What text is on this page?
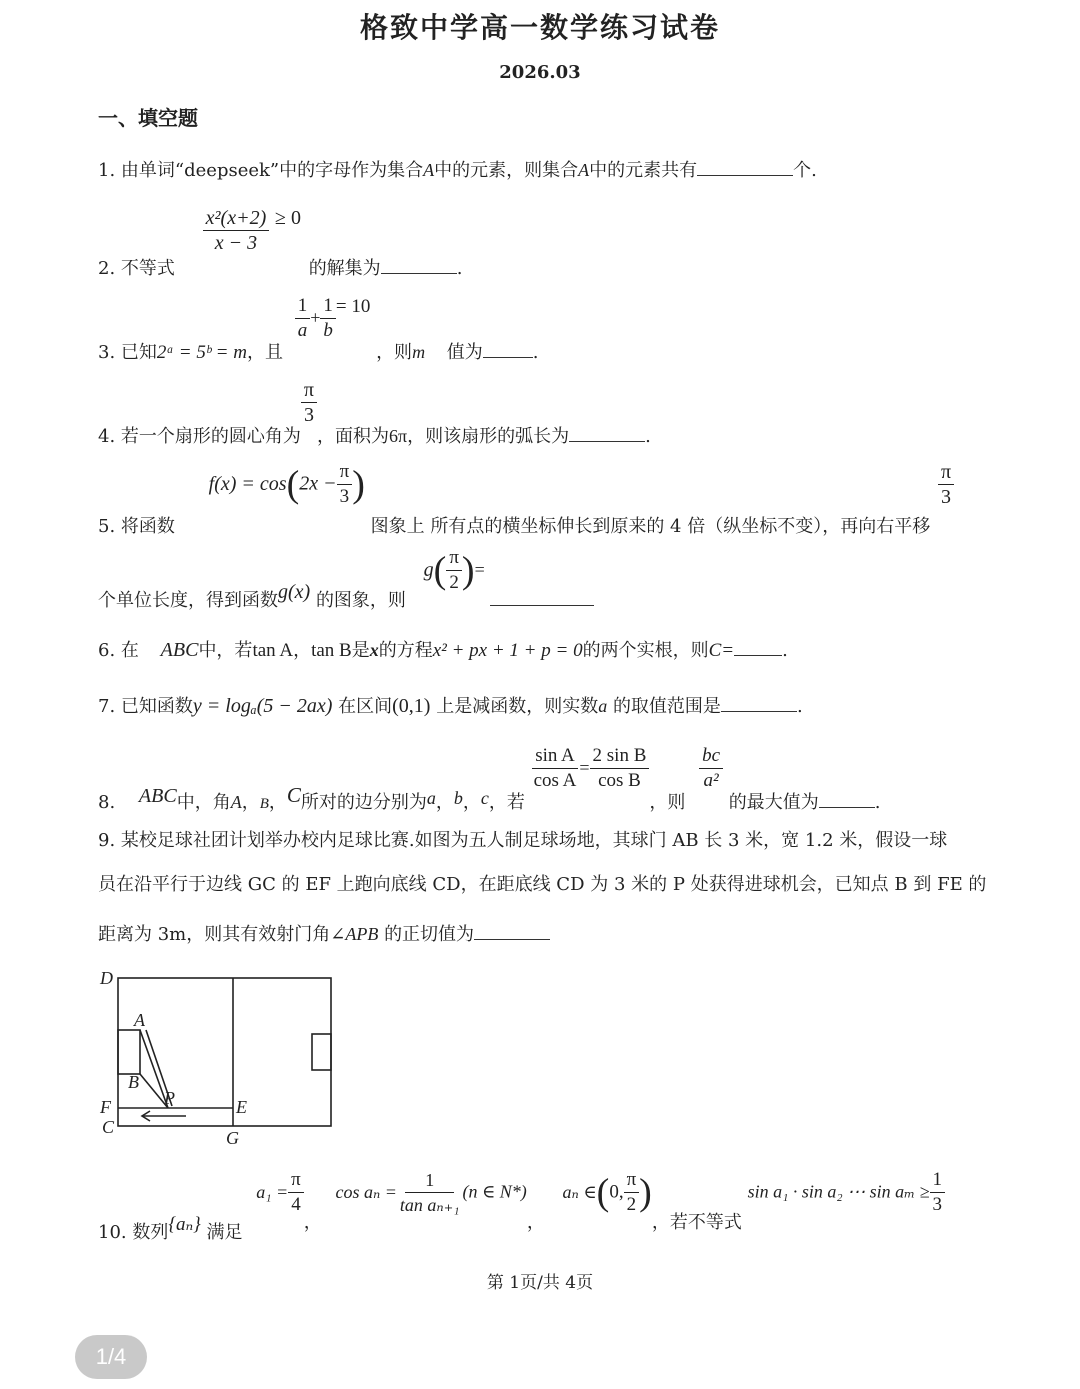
格致中学高一数学练习试卷
2026.03
一、填空题
1. 由单词“deepseek”中的字母作为集合A中的元素，则集合A中的元素共有	个.
2. 不等式
$\frac{\text{x²(x+2)}}{x - 3} \ge 0$ 的解集为	.
3. 已知2ᵃ = 5ᵇ = m，且
$\frac{1}{a} + \frac{1}{b} = 10$ ，则m 值为	.
4. 若一个扇形的圆心角为
$\frac{\pi}{3}$
，面积为6π，则该扇形的弧长为	.
5. 将函数 $f(x) = \cos(2x - \frac{\pi}{3}$ ) 图象上 所有点的横坐标伸长到原来的 4 倍（纵坐标不变），再向右平移
$\frac{\pi}{3}$
个单位长度，得到函数g(x) 的图象，则 $g( \frac{\pi}{2}$ )=
6. 在 ABC中，若tan A，tan B是x的方程x² + px + 1 + p = 0的两个实根，则C=	.
7. 已知函数y = logₐ(5 − 2ax) 在区间(0,1) 上是减函数，则实数a 的取值范围是	.
8. ABC中，角A，$_B$，C所对的边分别为a，b，c，若
$\frac{\text{sin A}}{\text{cos A}} = \frac{\text{2 sin B}}{\text{cos B}}$
，则
$\frac{bc}{\text{a²}}$
的最大值为	.
9. 某校足球社团计划举办校内足球比赛.如图为五人制足球场地，其球门 AB 长 3 米，宽 1.2 米，假设一球
员在沿平行于边线 GC 的 EF 上跑向底线 CD，在距底线 CD 为 3 米的 P 处获得进球机会，已知点 B 到 FE 的
距离为 3m，则其有效射门角∠APB 的正切值为
D
A
B
P
F
C
E
G
10. 数列{aₙ} 满足 $a_1 = \frac{\pi}{4}$
， $\cos a_n = \frac{1}{\text{tan aₙ₊₁}} (n$ ∈ N*)， aₙ ∈(0, $\frac{\pi}{2}$ )，若不等式 sin a₁ · sin a₂ ⋯ $\sin a_m \ge \frac{1}{3}$
第 1页/共 4页
1/4
